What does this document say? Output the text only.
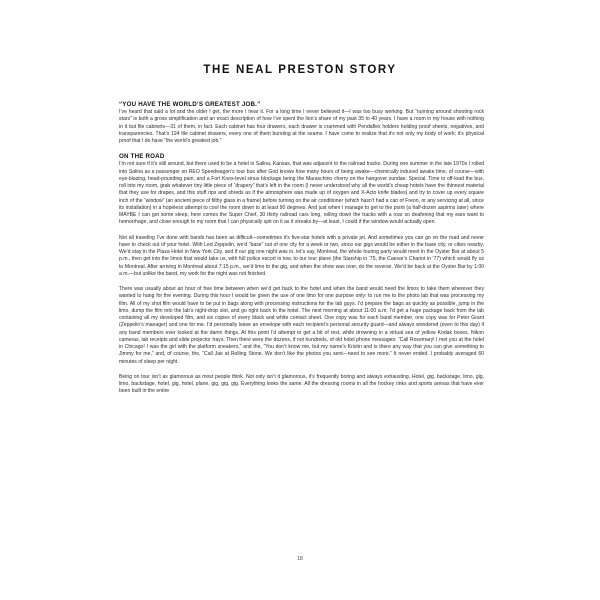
THE NEAL PRESTON STORY
“YOU HAVE THE WORLD’S GREATEST JOB.”

I’ve heard that said a lot and the older I get, the more I hear it. For a long time I never believed it—I was too busy working. But “running around shooting rock stars” is both a gross simplification and an exact description of how I’ve spent the lion’s share of my past 35 to 40 years. I have a room in my house with nothing in it but file cabinets—31 of them, in fact. Each cabinet has four drawers, each drawer is crammed with Pendaflex holders holding proof sheets, negatives, and transparencies. That’s 124 file cabinet drawers, every one of them bursting at the seams. I have come to realize that it’s not only my body of work; it’s physical proof that I do have “the world’s greatest job.”

ON THE ROAD

I’m not sure if it’s still around, but there used to be a hotel in Salina, Kansas, that was adjacent to the railroad tracks. During one summer in the late 1970s I rolled into Salina as a passenger on REO Speedwagon’s tour bus after God knows how many hours of being awake—chemically induced awake time, of course—with eye-blazing, head-pounding pain, and a Fort Knox-level sinus blockage being the Maraschino cherry on the hangover sundae. Special. Time to off-load the bus, roll into my room, grab whatever tiny little piece of “drapery” that’s left in the room (I never understood why all the world’s cheap hotels have the thinnest material that they use for drapes, and this stuff rips and shreds as if the atmosphere was made up of oxygen and X-Acto knife blades) and try to cover up every square inch of the “window” (an ancient piece of filthy glass in a frame) before turning on the air conditioner (which hasn’t had a can of Freon, or any servicing at all, since its installation) in a hopeless attempt to cool the room down to at least 90 degrees. And just when I manage to get to the point (a half-dozen aspirins later) where MAYBE I can get some sleep, here comes the Super Chief, 30 thirty railroad cars long, rolling down the tracks with a roar so deafening that my ears want to hemorrhage, and close enough to my room that I can physically spit on it as it streaks by—at least, I could if the window would actually open.

Not all traveling I’ve done with bands has been as difficult—sometimes it’s five-star hotels with a private jet. And sometimes you can go on the road and never have to check out of your hotel. With Led Zeppelin, we’d “base” out of one city for a week or two, since our gigs would be either in the base city, or cities nearby. We’d stay in the Plaza Hotel in New York City, and if our gig one night was in, let’s say, Montreal, the whole touring party would meet in the Oyster Bar at about 5 p.m., then get into the limos that would take us, with full police escort in tow, to our tour plane (the Starship in ’75, the Caesar’s Chariot in ’77) which would fly us to Montreal. After arriving in Montreal about 7:15 p.m., we’d limo to the gig, and when the show was over, do the reverse. We’d be back at the Oyster Bar by 1:00 a.m.—but unlike the band, my work for the night was not finished.

There was usually about an hour of free time between when we’d get back to the hotel and when the band would need the limos to take them wherever they wanted to hang for the evening. During this hour I would be given the use of one limo for one purpose only: to run me to the photo lab that was processing my film. All of my shot film would have to be put in bags along with processing instructions for the lab guys. I’d prepare the bags as quickly as possible, jump in the limo, dump the film into the lab’s night-drop slot, and go right back to the hotel. The next morning at about 11:00 a.m. I’d get a huge package back from the lab containing all my developed film, and six copies of every black and white contact sheet. One copy was for each band member, one copy was for Peter Grant (Zeppelin’s manager) and one for me. I’d personally leave an envelope with each recipient’s personal security guard—and always wondered (even to this day) if any band members ever looked at the damn things. At this point I’d attempt to get a bit of rest, while drowning in a virtual sea of yellow Kodak boxes, Nikon cameras, lab receipts and slide projector trays. Then there were the dozens, if not hundreds, of old hotel phone messages: “Call Rosemary! I met you at the hotel in Chicago! I was the girl with the platform sneakers,” and the, “You don’t know me, but my name’s Kristin and is there any way that you can give something to Jimmy for me,” and, of course, the, “Call Jae at Rolling Stone. We don’t like the photos you sent—need to see more.” It never ended. I probably averaged 60 minutes of sleep per night.

Being on tour isn’t as glamorous as most people think. Not only isn’t it glamorous, it’s frequently boring and always exhausting. Hotel, gig, backstage, limo, gig, limo, backstage, hotel, gig, hotel, plane, gig, gig, gig. Everything looks the same. All the dressing rooms in all the hockey rinks and sports arenas that have ever been built in the entire

18
